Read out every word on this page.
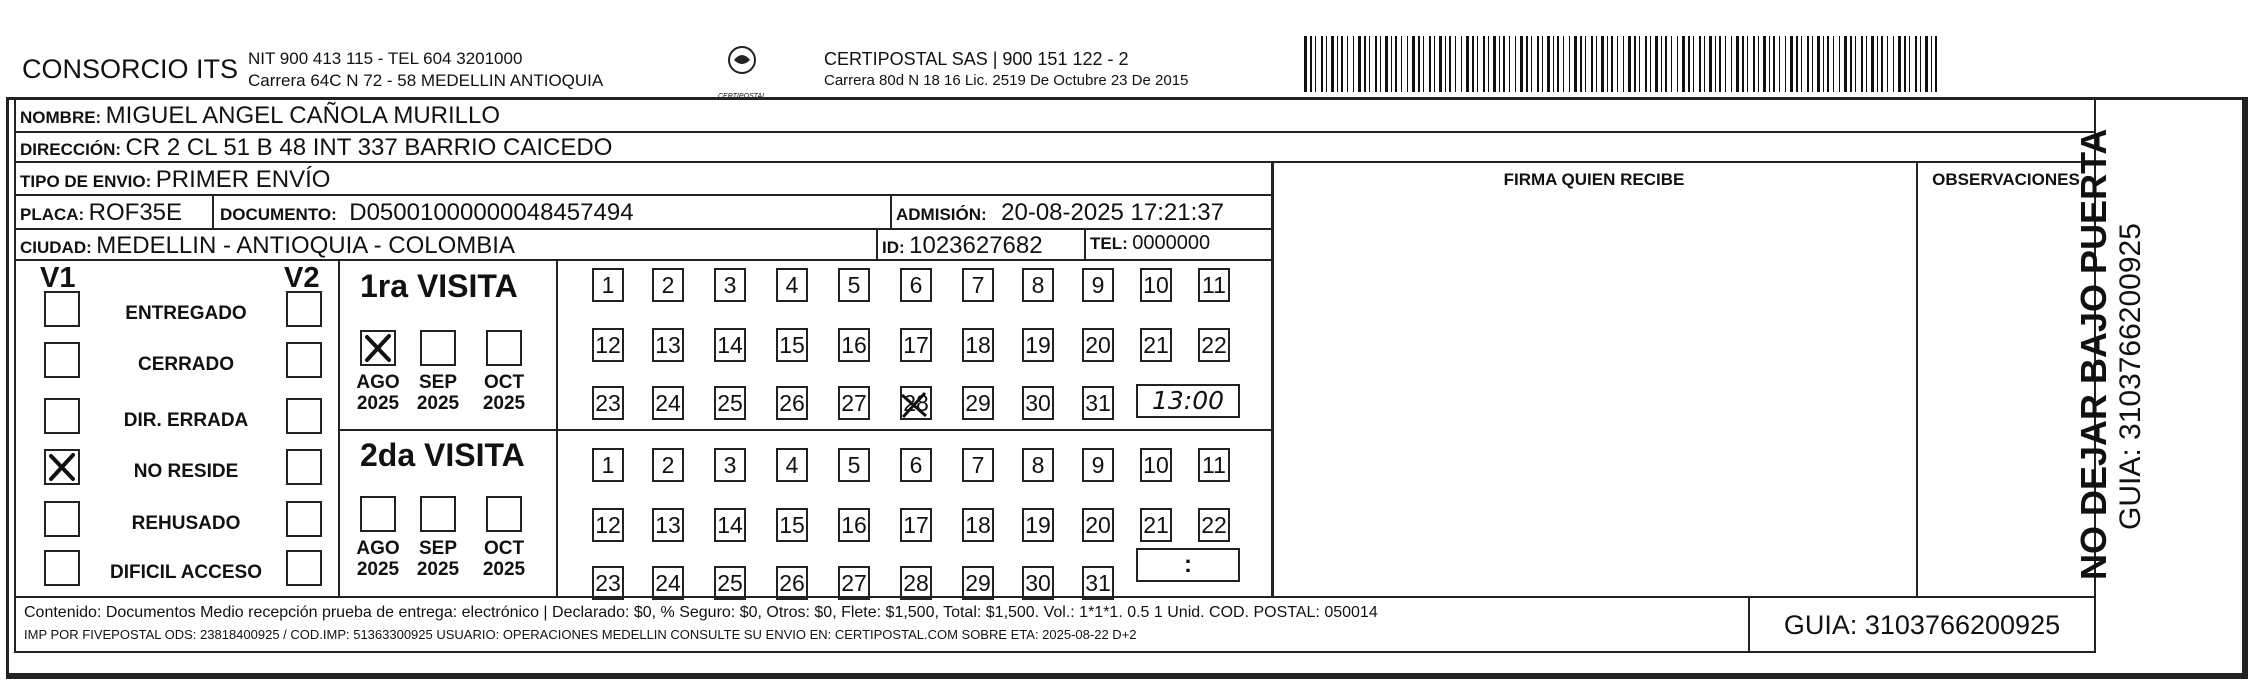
CONSORCIO ITS NIT 900 413 115 - TEL 604 3201000
Carrera 64C N 72 - 58 MEDELLIN ANTIOQUIA
CERTIPOSTAL SAS | 900 151 122 - 2
Carrera 80d N 18 16 Lic. 2519 De Octubre 23 De 2015
NOMBRE: MIGUEL ANGEL CAÑOLA MURILLO
DIRECCIÓN: CR 2 CL 51 B 48 INT 337 BARRIO CAICEDO
TIPO DE ENVIO: PRIMER ENVÍO	FIRMA QUIEN RECIBE	OBSERVACIONES
PLACA: ROF35E DOCUMENTO: D05001000000048457494	ADMISIÓN: 20-08-2025 17:21:37
CIUDAD: MEDELLIN - ANTIOQUIA - COLOMBIA	ID: 1023627682	TEL: 0000000
V1	V2
ENTREGADO
CERRADO
DIR. ERRADA
NO RESIDE
REHUSADO
DIFICIL ACCESO
1ra VISITA
2da VISITA
AGO
2025
SEP
2025
OCT
2025
AGO
2025
SEP
2025
OCT
2025
1	2	3	4	5	6	7	8	9	10 11
12 13 14 15 16 17 18 19 20 21 22
23 24 25 26 27 28 29 30 31
1	2	3	4	5	6	7	8	9	10 11
12 13 14 15 16 17 18 19 20 21 22
23 24 25 26 27 28 29 30 31
13:00
:
Contenido: Documentos Medio recepción prueba de entrega: electrónico | Declarado: $0, % Seguro: $0, Otros: $0, Flete: $1,500, Total: $1,500. Vol.: 1*1*1. 0.5 1 Unid. COD. POSTAL: 050014
IMP POR FIVEPOSTAL ODS: 23818400925 / COD.IMP: 51363300925 USUARIO: OPERACIONES MEDELLIN CONSULTE SU ENVIO EN: CERTIPOSTAL.COM SOBRE ETA: 2025-08-22 D+2	GUIA: 3103766200925
NO DEJAR BAJO PUERTA GUIA: 3103766200925
